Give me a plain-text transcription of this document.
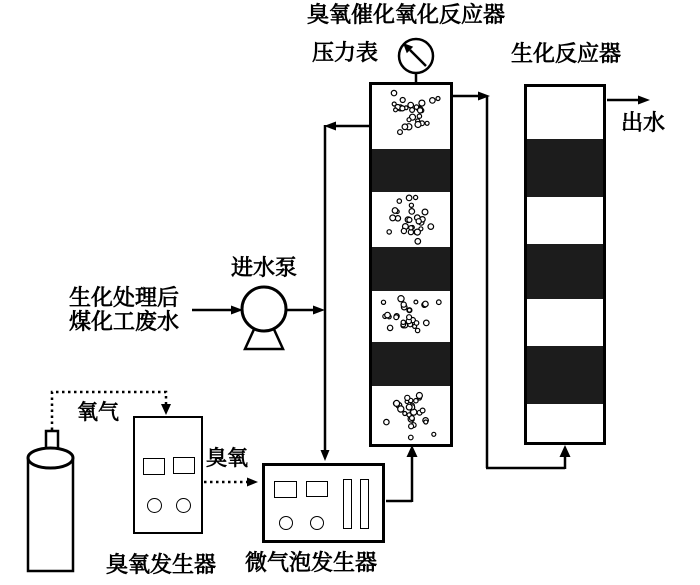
臭氧催化氧化反应器
压力表	生化反应器
出水
进水泵
生化处理后
煤化工废水
氧气
臭氧
臭氧发生器 微气泡发生器
